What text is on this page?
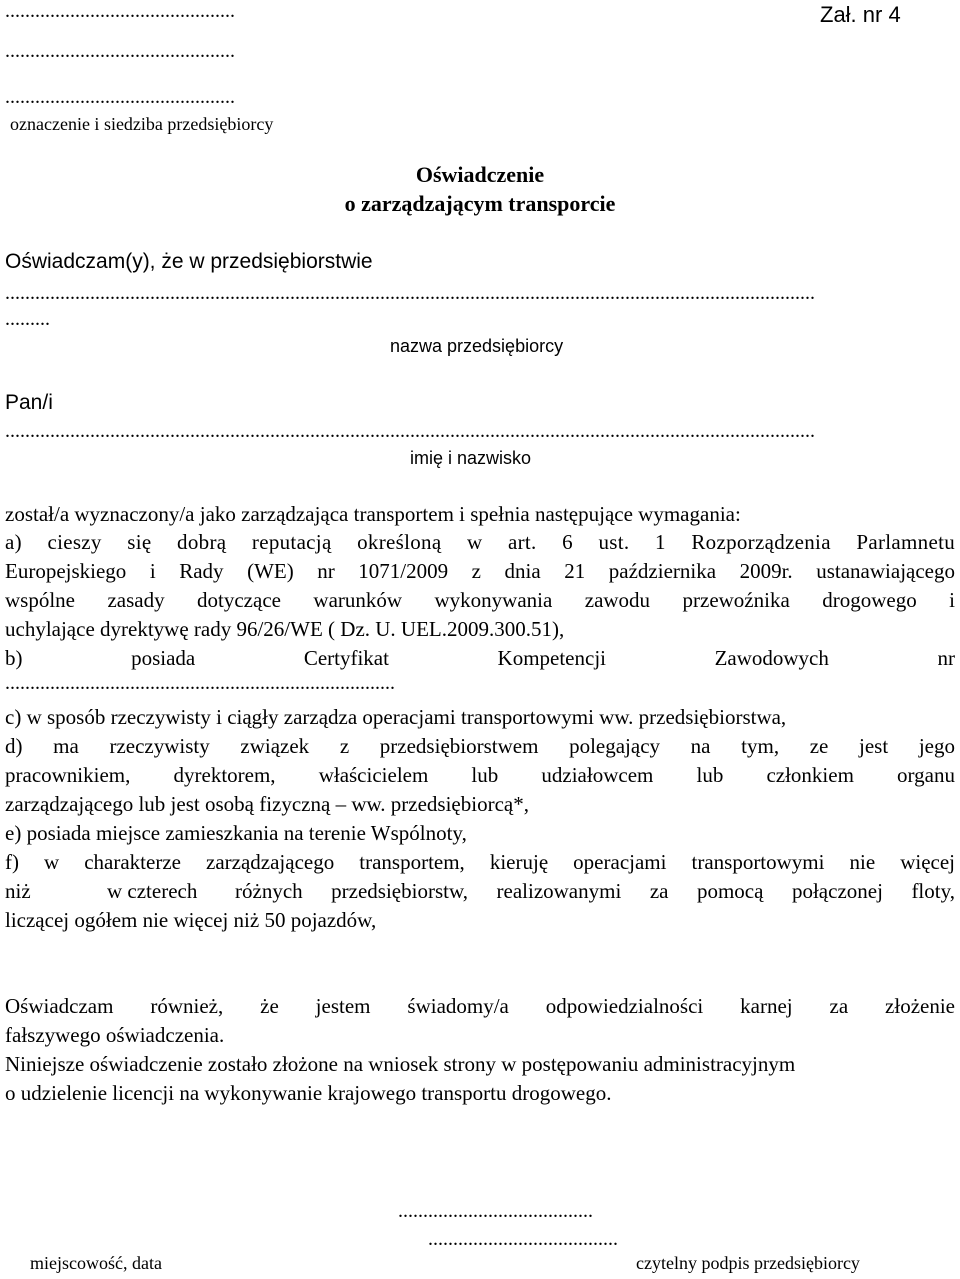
..............................................	Zał. nr 4
..............................................
..............................................
oznaczenie i siedziba przedsiębiorcy
Oświadczenie
o zarządzającym transporcie
Oświadczam(y), że w przedsiębiorstwie
..................................................................................................................................................................
.........
nazwa przedsiębiorcy
Pan/i
..................................................................................................................................................................
imię i nazwisko
został/a wyznaczony/a jako zarządzająca transportem i spełnia następujące wymagania:
a) cieszy się dobrą reputacją określoną w art. 6 ust. 1 Rozporządzenia Parlamnetu
Europejskiego i Rady (WE) nr 1071/2009 z dnia 21 października 2009r. ustanawiającego
wspólne zasady dotyczące warunków wykonywania zawodu przewoźnika drogowego i
uchylające dyrektywę rady 96/26/WE ( Dz. U. UEL.2009.300.51),
b)	posiada	Certyfikat	Kompetencji	Zawodowych	nr
..............................................................................
c) w sposób rzeczywisty i ciągły zarządza operacjami transportowymi ww. przedsiębiorstwa,
d) ma rzeczywisty związek z przedsiębiorstwem polegający na tym, ze jest jego
pracownikiem, dyrektorem, właścicielem lub udziałowcem lub członkiem organu
zarządzającego lub jest osobą fizyczną – ww. przedsiębiorcą*,
e) posiada miejsce zamieszkania na terenie Wspólnoty,
f) w charakterze zarządzającego transportem, kieruję operacjami transportowymi nie więcej
niż	w czterech	różnych przedsiębiorstw, realizowanymi za pomocą połączonej floty,
liczącej ogółem nie więcej niż 50 pojazdów,
Oświadczam również, że jestem świadomy/a odpowiedzialności karnej za złożenie
fałszywego oświadczenia.
Niniejsze oświadczenie zostało złożone na wniosek strony w postępowaniu administracyjnym
o udzielenie licencji na wykonywanie krajowego transportu drogowego.
.......................................
......................................
miejscowość, data	czytelny podpis przedsiębiorcy
